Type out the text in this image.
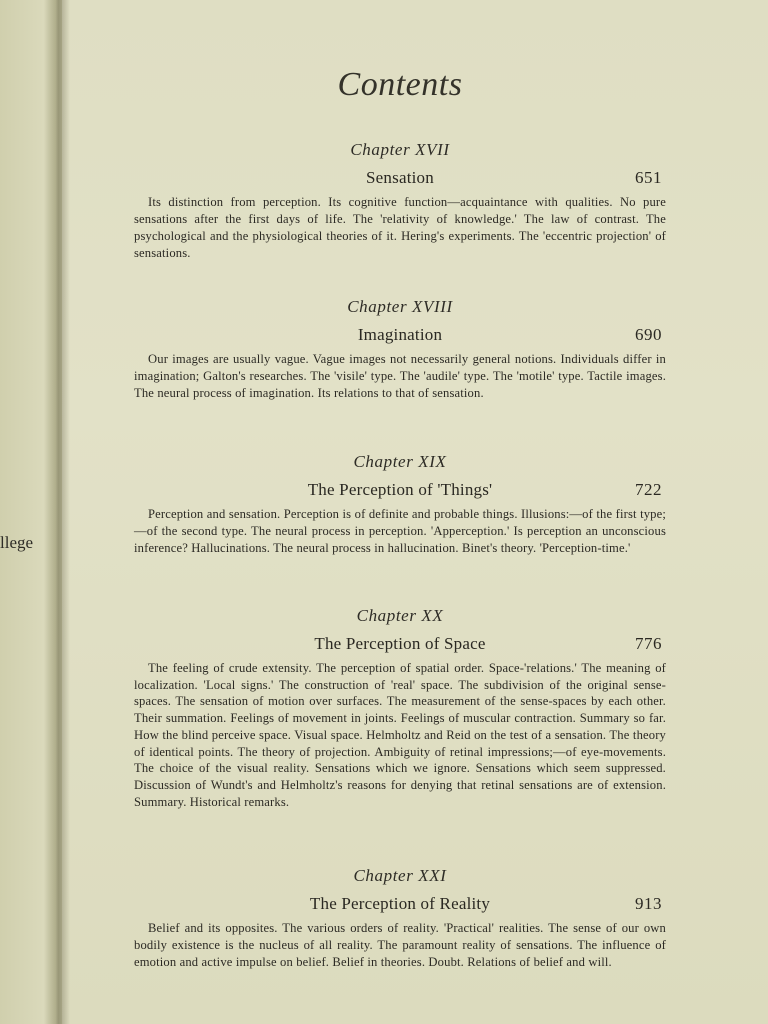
llege
Contents
Chapter XVII
Sensation	651

Its distinction from perception. Its cognitive function—acquaintance with qualities. No pure sensations after the first days of life. The 'relativity of knowledge.' The law of contrast. The psychological and the physiological theories of it. Hering's experiments. The 'eccentric projection' of sensations.

Chapter XVIII
Imagination	690

Our images are usually vague. Vague images not necessarily general notions. Individuals differ in imagination; Galton's researches. The 'visile' type. The 'audile' type. The 'motile' type. Tactile images. The neural process of imagination. Its relations to that of sensation.

Chapter XIX
The Perception of 'Things'	722

Perception and sensation. Perception is of definite and probable things. Illusions:—of the first type;—of the second type. The neural process in perception. 'Apperception.' Is perception an unconscious inference? Hallucinations. The neural process in hallucination. Binet's theory. 'Perception-time.'

Chapter XX
The Perception of Space	776

The feeling of crude extensity. The perception of spatial order. Space-'relations.' The meaning of localization. 'Local signs.' The construction of 'real' space. The subdivision of the original sense-spaces. The sensation of motion over surfaces. The measurement of the sense-spaces by each other. Their summation. Feelings of movement in joints. Feelings of muscular contraction. Summary so far. How the blind perceive space. Visual space. Helmholtz and Reid on the test of a sensation. The theory of identical points. The theory of projection. Ambiguity of retinal impressions;—of eye-movements. The choice of the visual reality. Sensations which we ignore. Sensations which seem suppressed. Discussion of Wundt's and Helmholtz's reasons for denying that retinal sensations are of extension. Summary. Historical remarks.

Chapter XXI
The Perception of Reality	913

Belief and its opposites. The various orders of reality. 'Practical' realities. The sense of our own bodily existence is the nucleus of all reality. The paramount reality of sensations. The influence of emotion and active impulse on belief. Belief in theories. Doubt. Relations of belief and will.
